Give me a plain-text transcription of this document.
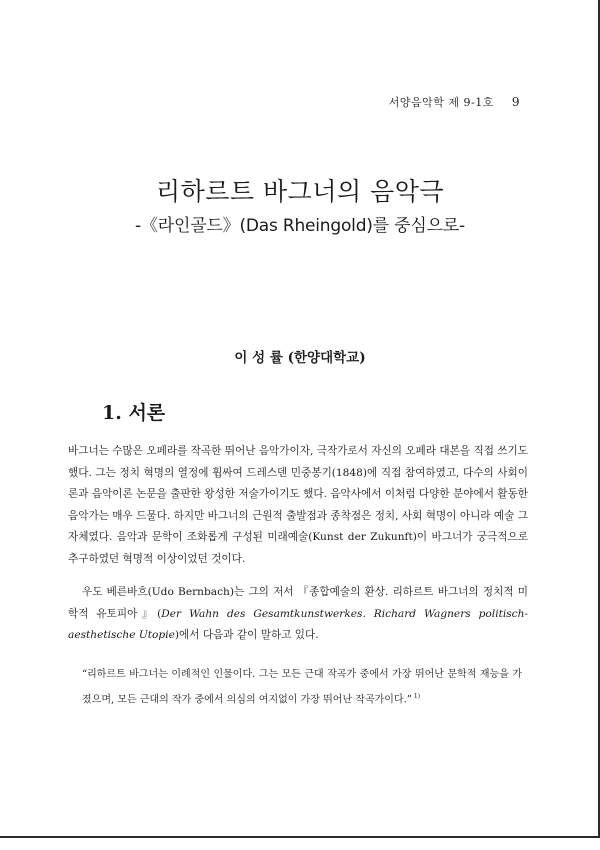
서양음악학 제 9-1호 9
리하르트 바그너의 음악극
-《라인골드》(Das Rheingold)를 중심으로-
이 성 률 (한양대학교)
1. 서론

바그너는 수많은 오페라를 작곡한 뛰어난 음악가이자, 극작가로서 자신의 오페라 대본을 직접 쓰기도 했다. 그는 정치 혁명의 열정에 휩싸여 드레스덴 민중봉기(1848)에 직접 참여하였고, 다수의 사회이론과 음악이론 논문을 출판한 왕성한 저술가이기도 했다. 음악사에서 이처럼 다양한 분야에서 활동한 음악가는 매우 드물다. 하지만 바그너의 근원적 출발점과 종착점은 정치, 사회 혁명이 아니라 예술 그 자체였다. 음악과 문학이 조화롭게 구성된 미래예술(Kunst der Zukunft)이 바그너가 궁극적으로 추구하였던 혁명적 이상이었던 것이다.

우도 베른바흐(Udo Bernbach)는 그의 저서 『종합예술의 환상. 리하르트 바그너의 정치적 미학적 유토피아』(Der Wahn des Gesamtkunstwerkes. Richard Wagners politisch-aesthetische Utopie)에서 다음과 같이 말하고 있다.

“리하르트 바그너는 이례적인 인물이다. 그는 모든 근대 작곡가 중에서 가장 뛰어난 문학적 재능을 가졌으며, 모든 근대의 작가 중에서 의심의 여지없이 가장 뛰어난 작곡가이다.” $^{1)}$
